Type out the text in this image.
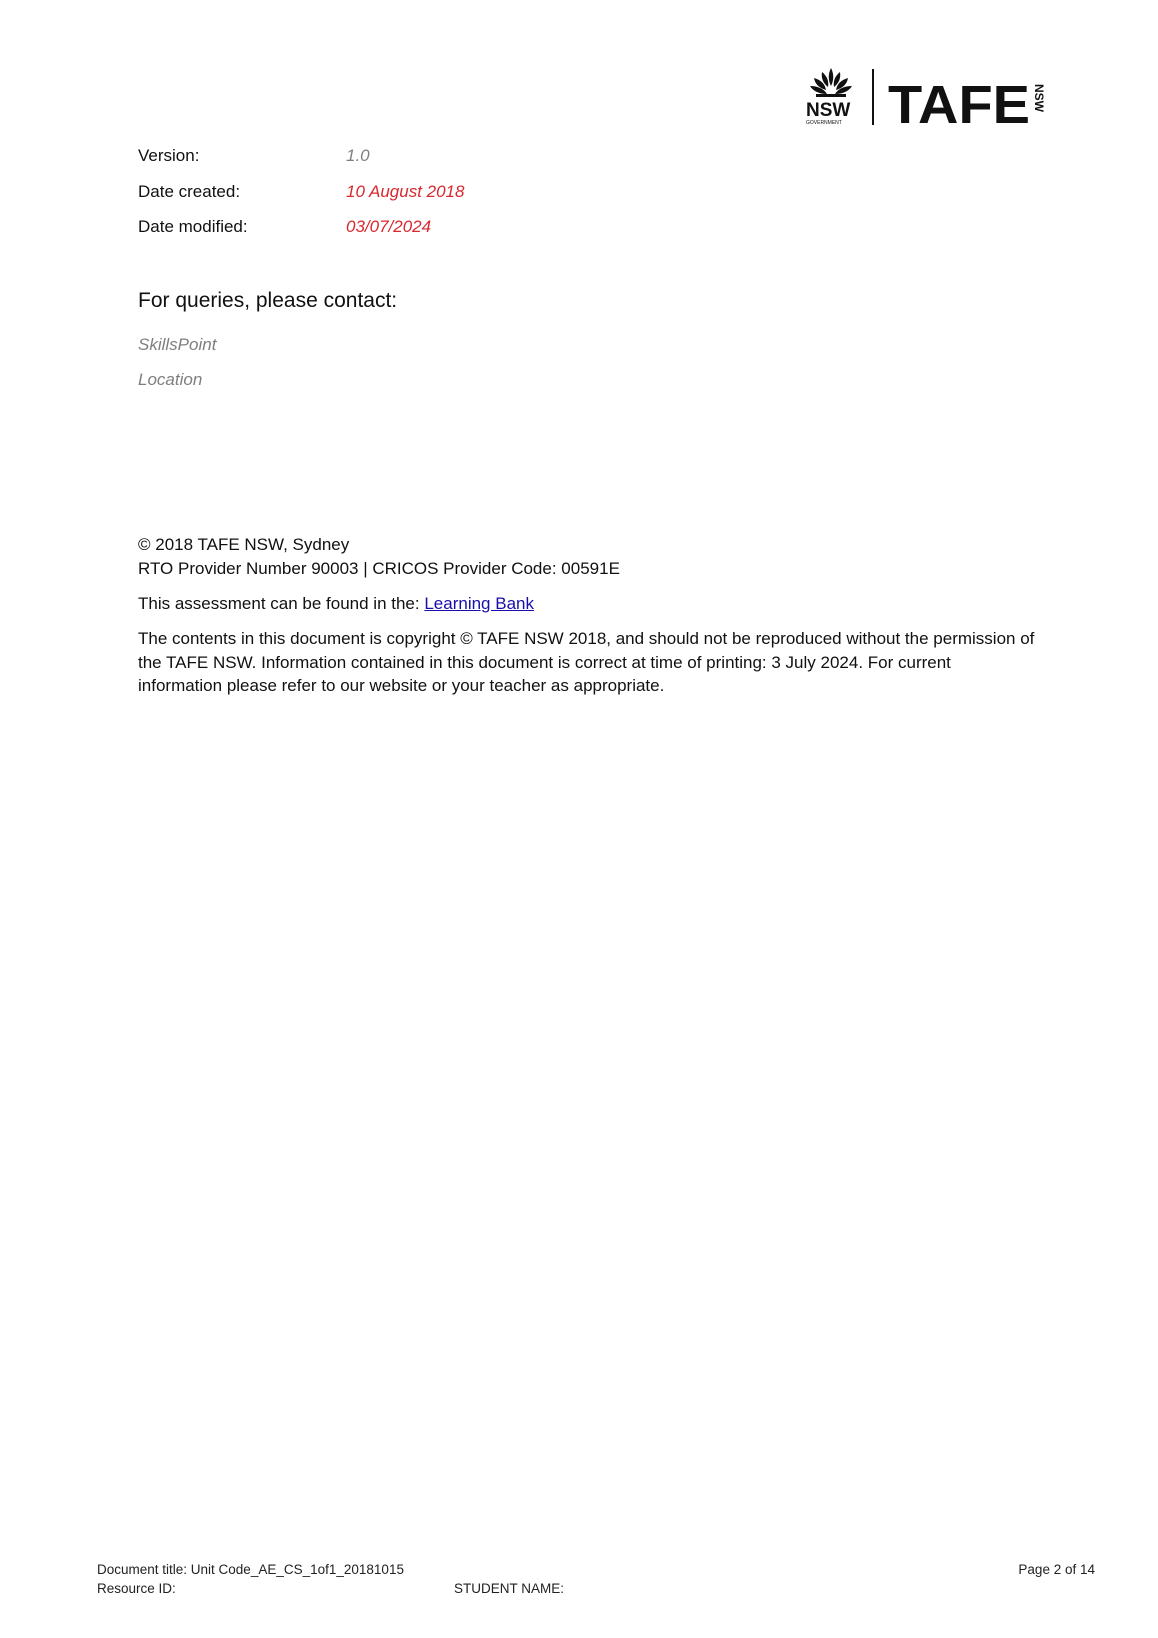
NSW
GOVERNMENT TAFE NSW
Version:	1.0
Date created:	10 August 2018
Date modified:	03/07/2024
For queries, please contact:
SkillsPoint
Location

© 2018 TAFE NSW, Sydney

RTO Provider Number 90003 | CRICOS Provider Code: 00591E

This assessment can be found in the: Learning Bank

The contents in this document is copyright © TAFE NSW 2018, and should not be reproduced without the permission of the TAFE NSW. Information contained in this document is correct at time of printing: 3 July 2024. For current information please refer to our website or your teacher as appropriate.

Document title: Unit Code_AE_CS_1of1_20181015	Page 2 of 14
Resource ID:	STUDENT NAME:
